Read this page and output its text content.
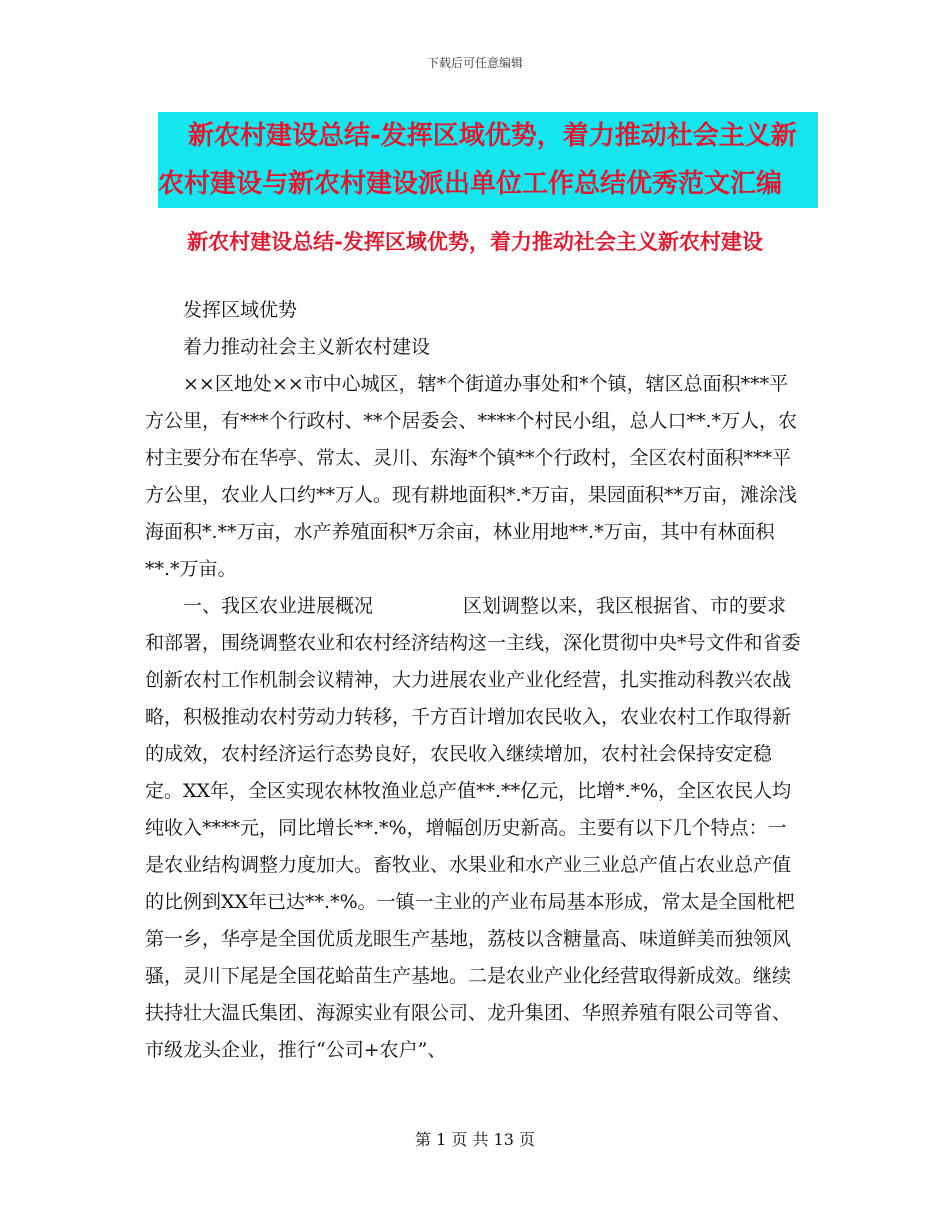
下载后可任意编辑
新农村建设总结-发挥区域优势，着力推动社会主义新
农村建设与新农村建设派出单位工作总结优秀范文汇编
新农村建设总结-发挥区域优势，着力推动社会主义新农村建设

发挥区域优势

着力推动社会主义新农村建设

××区地处××市中心城区，辖*个街道办事处和*个镇，辖区总面积***平方公里，有***个行政村、**个居委会、****个村民小组，总人口**.*万人，农村主要分布在华亭、常太、灵川、东海*个镇**个行政村，全区农村面积***平方公里，农业人口约**万人。现有耕地面积*.*万亩，果园面积**万亩，滩涂浅海面积*.**万亩，水产养殖面积*万余亩，林业用地**.*万亩，其中有林面积**.*万亩。

一、我区农业进展概况	区划调整以来，我区根据省、市的要求和部署，围绕调整农业和农村经济结构这一主线，深化贯彻中央*号文件和省委创新农村工作机制会议精神，大力进展农业产业化经营，扎实推动科教兴农战略，积极推动农村劳动力转移，千方百计增加农民收入，农业农村工作取得新的成效，农村经济运行态势良好，农民收入继续增加，农村社会保持安定稳定。XX年，全区实现农林牧渔业总产值**.**亿元，比增*.*%，全区农民人均纯收入****元，同比增长**.*%，增幅创历史新高。主要有以下几个特点：一是农业结构调整力度加大。畜牧业、水果业和水产业三业总产值占农业总产值的比例到XX年已达**.*%。一镇一主业的产业布局基本形成，常太是全国枇杷第一乡，华亭是全国优质龙眼生产基地，荔枝以含糖量高、味道鲜美而独领风骚，灵川下尾是全国花蛤苗生产基地。二是农业产业化经营取得新成效。继续扶持壮大温氏集团、海源实业有限公司、龙升集团、华照养殖有限公司等省、市级龙头企业，推行“公司+农户”、

第 1 页 共 13 页
